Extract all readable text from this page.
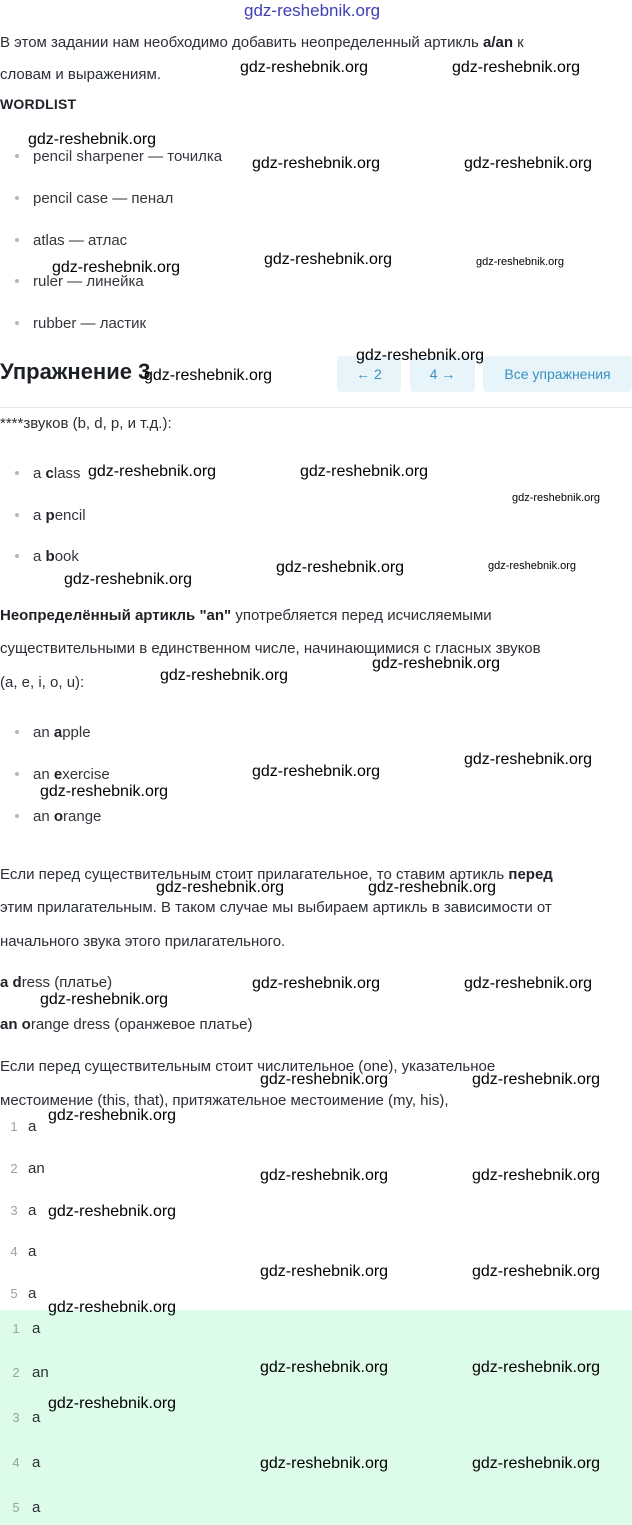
gdz-reshebnik.org
В этом задании нам необходимо добавить неопределенный артикль a/an к
словам и выражениям.
WORDLIST
pencil sharpener — точилка
pencil case — пенал
atlas — атлас
ruler — линейка
rubber — ластик
Упражнение 3	← 2	4 →	Все упражнения
****звуков (b, d, p, и т.д.):
a class
a pencil
a book
Неопределённый артикль "an" употребляется перед исчисляемыми
существительными в единственном числе, начинающимися с гласных звуков
(a, e, i, o, u):
an apple
an exercise
an orange
Если перед существительным стоит прилагательное, то ставим артикль перед
этим прилагательным. В таком случае мы выбираем артикль в зависимости от
начального звука этого прилагательного.
a dress (платье)
an orange dress (оранжевое платье)
Если перед существительным стоит числительное (one), указательное
местоимение (this, that), притяжательное местоимение (my, his),
1 a
2 an
3 a
4 a
5 a
1 a
2 an
3 a
4 a
5 a
gdz-reshebnik.org	gdz-reshebnik.org
gdz-reshebnik.org
gdz-reshebnik.org	gdz-reshebnik.org
gdz-reshebnik.org	gdz-reshebnik.org
gdz-reshebnik.org
gdz-reshebnik.org
gdz-reshebnik.org
gdz-reshebnik.org	gdz-reshebnik.org
gdz-reshebnik.org
gdz-reshebnik.org
gdz-reshebnik.org
gdz-reshebnik.org
gdz-reshebnik.org
gdz-reshebnik.org
gdz-reshebnik.org
gdz-reshebnik.org
gdz-reshebnik.org
gdz-reshebnik.org	gdz-reshebnik.org
gdz-reshebnik.org	gdz-reshebnik.org
gdz-reshebnik.org
gdz-reshebnik.org	gdz-reshebnik.org
gdz-reshebnik.org
gdz-reshebnik.org	gdz-reshebnik.org
gdz-reshebnik.org
gdz-reshebnik.org	gdz-reshebnik.org
gdz-reshebnik.org
gdz-reshebnik.org	gdz-reshebnik.org
gdz-reshebnik.org
gdz-reshebnik.org	gdz-reshebnik.org
